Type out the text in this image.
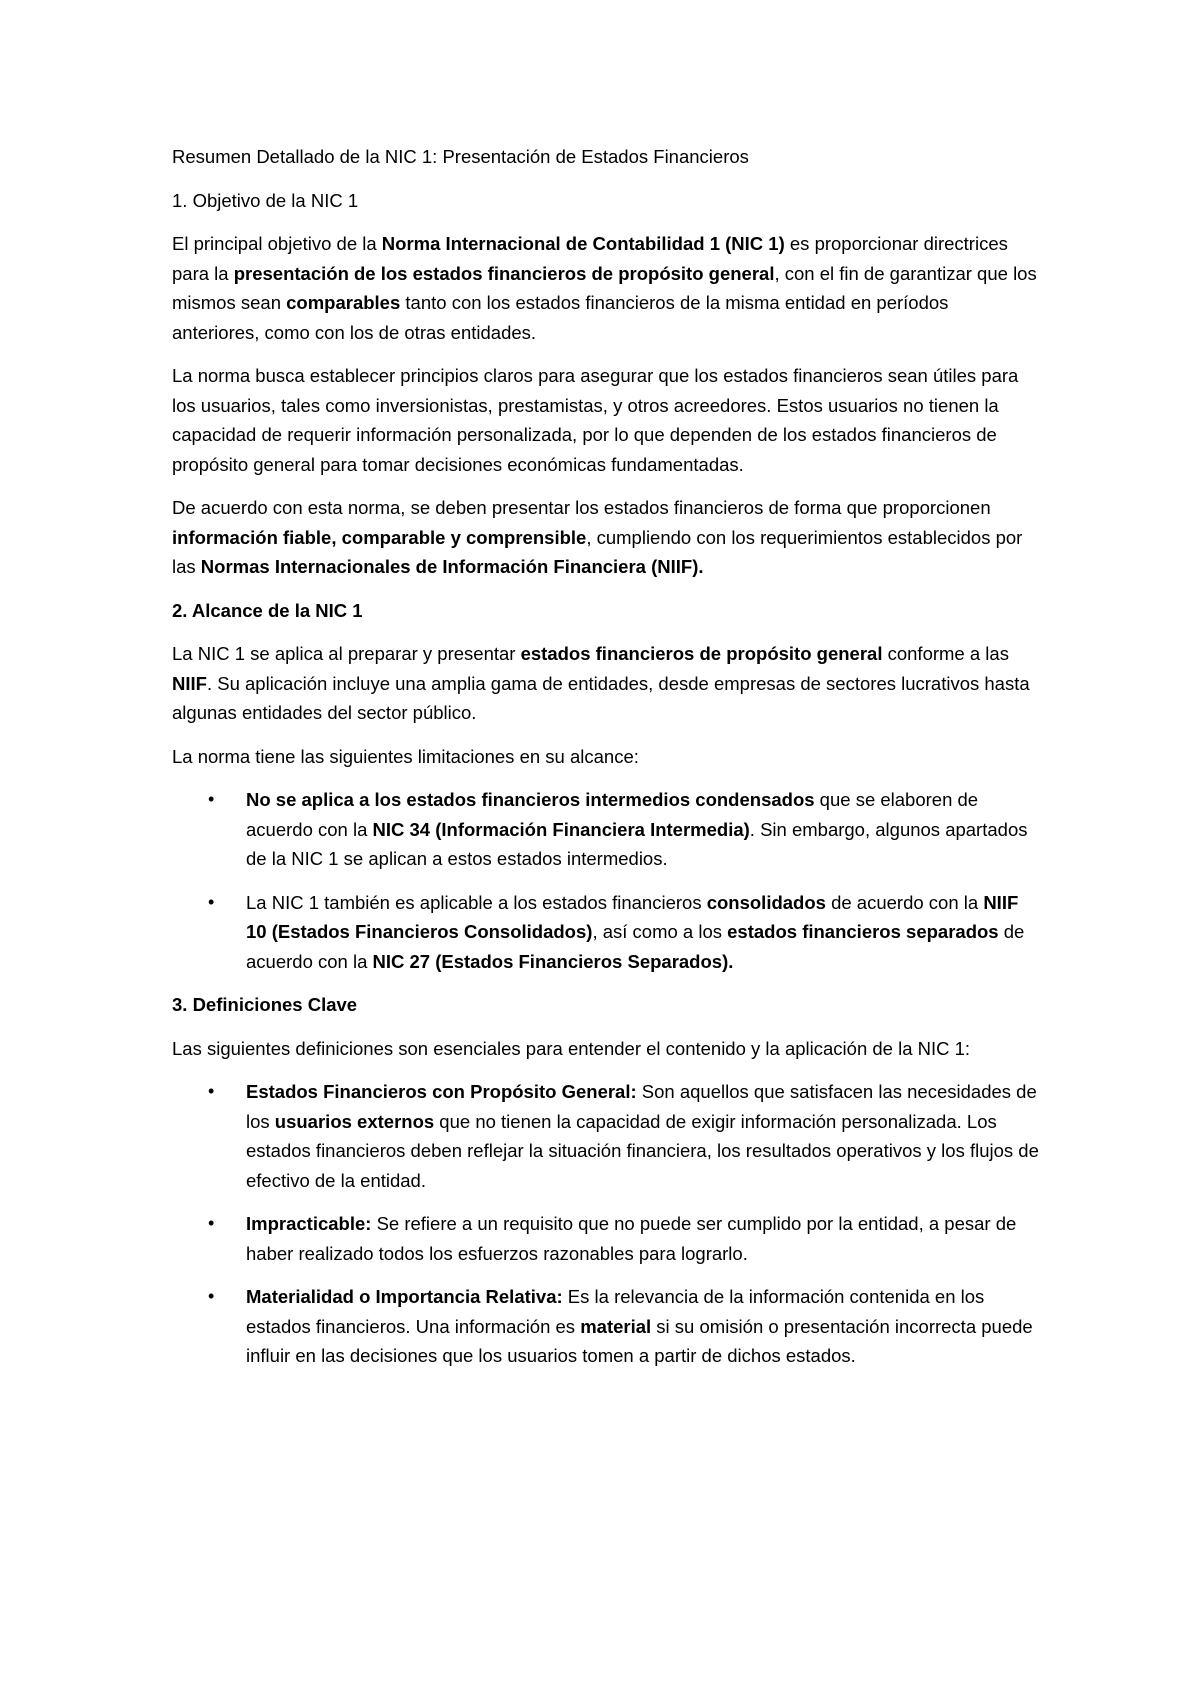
Resumen Detallado de la NIC 1: Presentación de Estados Financieros
1. Objetivo de la NIC 1

El principal objetivo de la Norma Internacional de Contabilidad 1 (NIC 1) es proporcionar directrices para la presentación de los estados financieros de propósito general, con el fin de garantizar que los mismos sean comparables tanto con los estados financieros de la misma entidad en períodos anteriores, como con los de otras entidades.

La norma busca establecer principios claros para asegurar que los estados financieros sean útiles para los usuarios, tales como inversionistas, prestamistas, y otros acreedores. Estos usuarios no tienen la capacidad de requerir información personalizada, por lo que dependen de los estados financieros de propósito general para tomar decisiones económicas fundamentadas.

De acuerdo con esta norma, se deben presentar los estados financieros de forma que proporcionen información fiable, comparable y comprensible, cumpliendo con los requerimientos establecidos por las Normas Internacionales de Información Financiera (NIIF).

2. Alcance de la NIC 1

La NIC 1 se aplica al preparar y presentar estados financieros de propósito general conforme a las NIIF. Su aplicación incluye una amplia gama de entidades, desde empresas de sectores lucrativos hasta algunas entidades del sector público.

La norma tiene las siguientes limitaciones en su alcance:

• No se aplica a los estados financieros intermedios condensados que se elaboren de acuerdo con la NIC 34 (Información Financiera Intermedia). Sin embargo, algunos apartados de la NIC 1 se aplican a estos estados intermedios.
• La NIC 1 también es aplicable a los estados financieros consolidados de acuerdo con la NIIF 10 (Estados Financieros Consolidados), así como a los estados financieros separados de acuerdo con la NIC 27 (Estados Financieros Separados).
3. Definiciones Clave

Las siguientes definiciones son esenciales para entender el contenido y la aplicación de la NIC 1:

• Estados Financieros con Propósito General: Son aquellos que satisfacen las necesidades de los usuarios externos que no tienen la capacidad de exigir información personalizada. Los estados financieros deben reflejar la situación financiera, los resultados operativos y los flujos de efectivo de la entidad.
• Impracticable: Se refiere a un requisito que no puede ser cumplido por la entidad, a pesar de haber realizado todos los esfuerzos razonables para lograrlo.
• Materialidad o Importancia Relativa: Es la relevancia de la información contenida en los estados financieros. Una información es material si su omisión o presentación incorrecta puede influir en las decisiones que los usuarios tomen a partir de dichos estados.
